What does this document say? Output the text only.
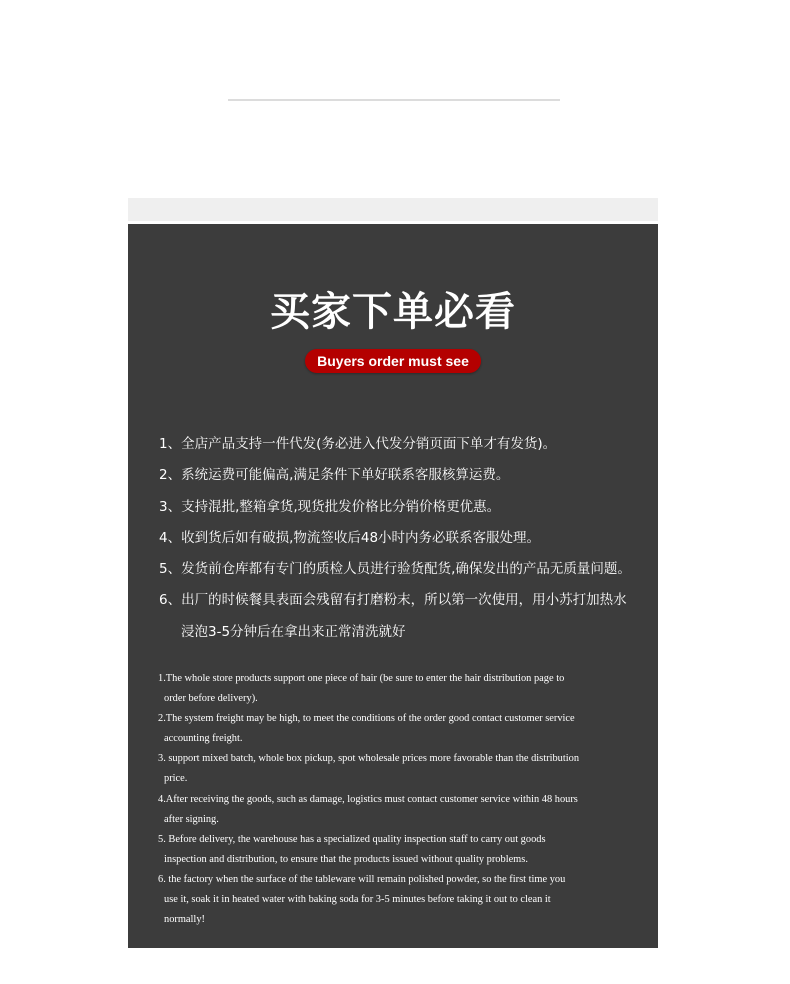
买家下单必看
Buyers order must see
1、全店产品支持一件代发(务必进入代发分销页面下单才有发货)。
2、系统运费可能偏高,满足条件下单好联系客服核算运费。
3、支持混批,整箱拿货,现货批发价格比分销价格更优惠。
4、收到货后如有破损,物流签收后48小时内务必联系客服处理。
5、发货前仓库都有专门的质检人员进行验货配货,确保发出的产品无质量问题。
6、出厂的时候餐具表面会残留有打磨粉末，所以第一次使用，用小苏打加热水
浸泡3-5分钟后在拿出来正常清洗就好
1.The whole store products support one piece of hair (be sure to enter the hair distribution page to
order before delivery).
2.The system freight may be high, to meet the conditions of the order good contact customer service
accounting freight.
3. support mixed batch, whole box pickup, spot wholesale prices more favorable than the distribution
price.
4.After receiving the goods, such as damage, logistics must contact customer service within 48 hours
after signing.
5. Before delivery, the warehouse has a specialized quality inspection staff to carry out goods
inspection and distribution, to ensure that the products issued without quality problems.
6. the factory when the surface of the tableware will remain polished powder, so the first time you
use it, soak it in heated water with baking soda for 3-5 minutes before taking it out to clean it
normally!
